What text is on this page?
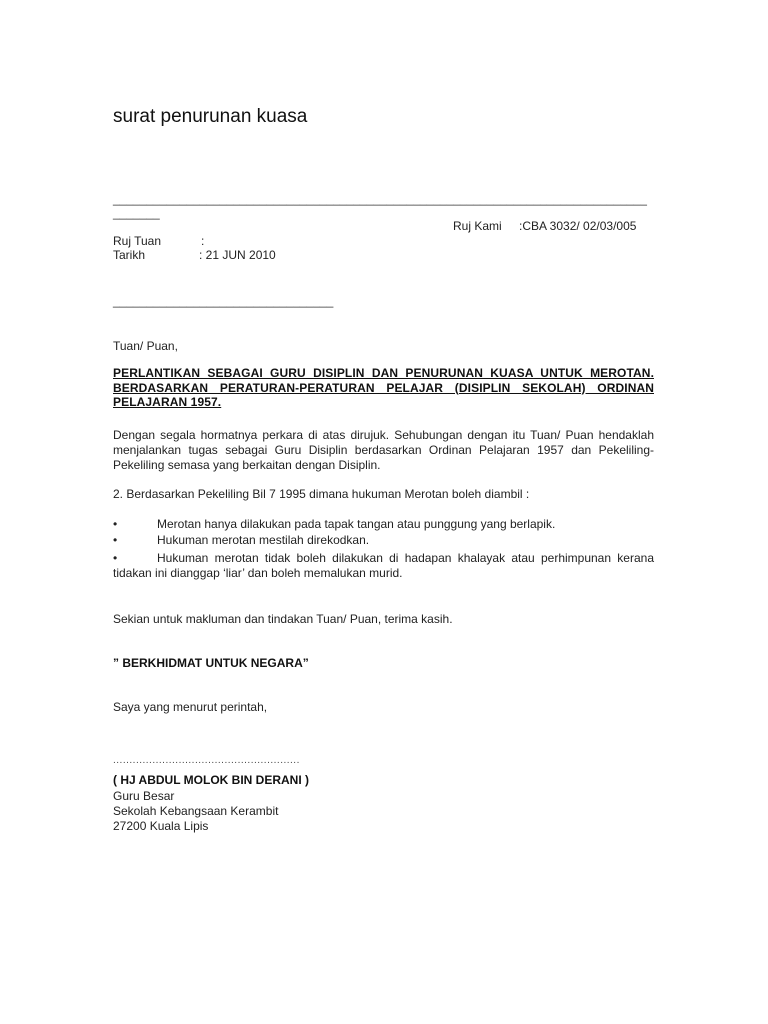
surat penurunan kuasa
________________________________________________________________________________
_______
Ruj Kami :CBA 3032/ 02/03/005
Ruj Tuan	:
Tarikh	: 21 JUN 2010
_________________________________
Tuan/ Puan,
PERLANTIKAN SEBAGAI GURU DISIPLIN DAN PENURUNAN KUASA UNTUK MEROTAN. BERDASARKAN PERATURAN-PERATURAN PELAJAR (DISIPLIN SEKOLAH) ORDINAN PELAJARAN 1957.
Dengan segala hormatnya perkara di atas dirujuk. Sehubungan dengan itu Tuan/ Puan hendaklah menjalankan tugas sebagai Guru Disiplin berdasarkan Ordinan Pelajaran 1957 dan Pekeliling-Pekeliling semasa yang berkaitan dengan Disiplin.
2. Berdasarkan Pekeliling Bil 7 1995 dimana hukuman Merotan boleh diambil :
•	Merotan hanya dilakukan pada tapak tangan atau punggung yang berlapik.
•	Hukuman merotan mestilah direkodkan.
•	Hukuman merotan tidak boleh dilakukan di hadapan khalayak atau perhimpunan kerana tidakan ini dianggap ‘liar’ dan boleh memalukan murid.
Sekian untuk makluman dan tindakan Tuan/ Puan, terima kasih.
” BERKHIDMAT UNTUK NEGARA”
Saya yang menurut perintah,
.........................................................
( HJ ABDUL MOLOK BIN DERANI )
Guru Besar
Sekolah Kebangsaan Kerambit
27200 Kuala Lipis
